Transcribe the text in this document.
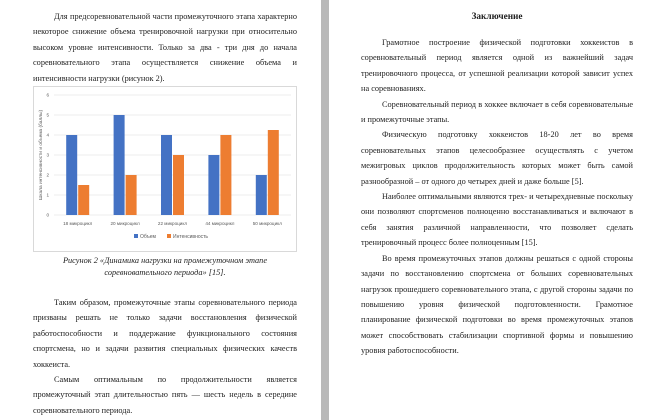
Для предсоревновательной части промежуточного этапа характерно некоторое снижение объема тренировочной нагрузки при относительно высоком уровне интенсивности. Только за два - три дня до начала соревновательного этапа осуществляется снижение объема и интенсивности нагрузки (рисунок 2).

0
1
2
3
4
5
6
Шкала интенсивности и объема (баллы)
18 микроцикл	20 микроцикл	22 микроцикл	44 микроцикл	50 микроцикл
Объем	Интенсивность

Рисунок 2 «Динамика нагрузки на промежуточном этапе соревновательного периода» [15].

Таким образом, промежуточные этапы соревновательного периода призваны решать не только задачи восстановления физической работоспособности и поддержание функционального состояния спортсмена, но и задачи развития специальных физических качеств хоккеиста.

Самым оптимальным по продолжительности является промежуточный этап длительностью пять — шесть недель в середине соревновательного периода.

Заключение

Грамотное построение физической подготовки хоккеистов в соревновательный период является одной из важнейший задач тренировочного процесса, от успешной реализации которой зависит успех на соревнованиях.

Соревновательный период в хоккее включает в себя соревновательные и промежуточные этапы.

Физическую подготовку хоккеистов 18-20 лет во время соревновательных этапов целесообразнее осуществлять с учетом межигровых циклов продолжительность которых может быть самой разнообразной – от одного до четырех дней и даже больше [5].

Наиболее оптимальными являются трех- и четырехдневные поскольку они позволяют спортсменов полноценно восстанавливаться и включают в себя занятия различной направленности, что позволяет сделать тренировочный процесс более полноценным [15].

Во время промежуточных этапов должны решаться с одной стороны задачи по восстановлению спортсмена от больших соревновательных нагрузок прошедшего соревновательного этапа, с другой стороны задачи по повышению уровня физической подготовленности. Грамотное планирование физической подготовки во время промежуточных этапов может способствовать стабилизации спортивной формы и повышению уровня работоспособности.
